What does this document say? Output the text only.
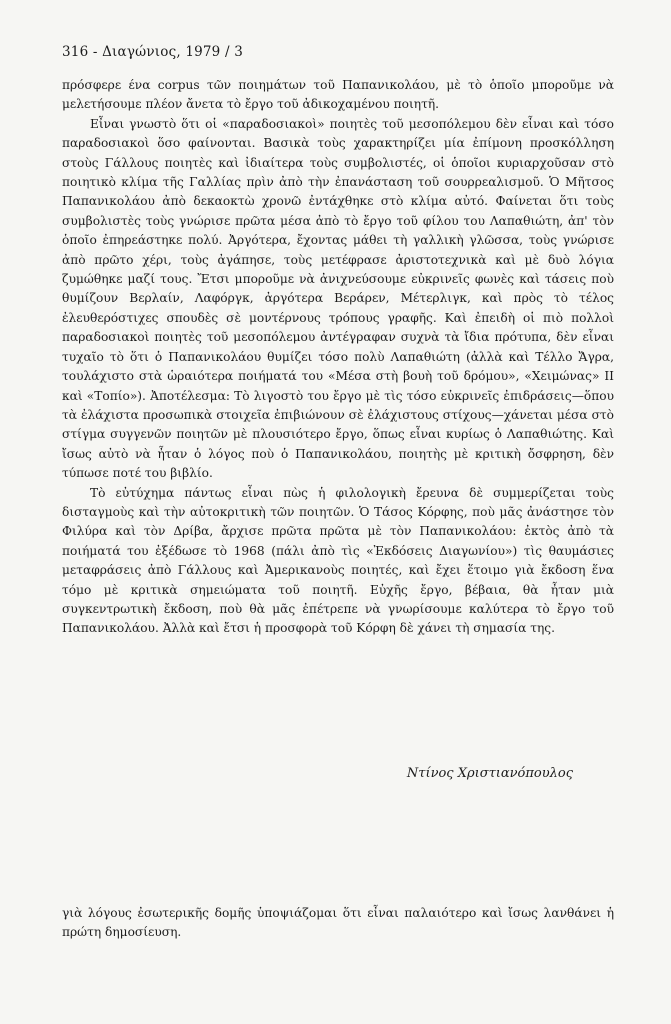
316 - Διαγώνιος, 1979 / 3

πρόσφερε ένα corpus τῶν ποιημάτων τοῦ Παπανικολάου, μὲ τὸ ὁποῖο μποροῦμε νὰ μελετήσουμε πλέον ἄνετα τὸ ἔργο τοῦ ἀδικοχαμένου ποιητῆ.

Εἶναι γνωστὸ ὅτι οἱ «παραδοσιακοὶ» ποιητὲς τοῦ μεσοπόλεμου δὲν εἶναι καὶ τόσο παραδοσιακοὶ ὅσο φαίνονται. Βασικὰ τοὺς χαρακτηρίζει μία ἐπίμονη προσκόλληση στοὺς Γάλλους ποιητὲς καὶ ἰδιαίτερα τοὺς συμβολιστές, οἱ ὁποῖοι κυριαρχοῦσαν στὸ ποιητικὸ κλίμα τῆς Γαλλίας πρὶν ἀπὸ τὴν ἐπανάσταση τοῦ σουρρεαλισμοῦ. Ὁ Μῆτσος Παπανικολάου ἀπὸ δεκαοκτὼ χρονῶ ἐντάχθηκε στὸ κλίμα αὐτό. Φαίνεται ὅτι τοὺς συμβολιστὲς τοὺς γνώρισε πρῶτα μέσα ἀπὸ τὸ ἔργο τοῦ φίλου του Λαπαθιώτη, ἀπ' τὸν ὁποῖο ἐπηρεάστηκε πολύ. Ἀργότερα, ἔχοντας μάθει τὴ γαλλικὴ γλῶσσα, τοὺς γνώρισε ἀπὸ πρῶτο χέρι, τοὺς ἀγάπησε, τοὺς μετέφρασε ἀριστοτεχνικὰ καὶ μὲ δυὸ λόγια ζυμώθηκε μαζί τους. Ἔτσι μποροῦμε νὰ ἀνιχνεύσουμε εὐκρινεῖς φωνὲς καὶ τάσεις ποὺ θυμίζουν Βερλαίν, Λαφόργκ, ἀργότερα Βεράρεν, Μέτερλιγκ, καὶ πρὸς τὸ τέλος ἐλευθερόστιχες σπουδὲς σὲ μοντέρνους τρόπους γραφῆς. Καὶ ἐπειδὴ οἱ πιὸ πολλοὶ παραδοσιακοὶ ποιητὲς τοῦ μεσοπόλεμου ἀντέγραφαν συχνὰ τὰ ἴδια πρότυπα, δὲν εἶναι τυχαῖο τὸ ὅτι ὁ Παπανικολάου θυμίζει τόσο πολὺ Λαπαθιώτη (ἀλλὰ καὶ Τέλλο Ἄγρα, τουλάχιστο στὰ ὡραιότερα ποιήματά του «Μέσα στὴ βουὴ τοῦ δρόμου», «Χειμώνας» ΙΙ καὶ «Τοπίο»). Ἀποτέλεσμα: Τὸ λιγοστὸ του ἔργο μὲ τὶς τόσο εὐκρινεῖς ἐπιδράσεις—ὅπου τὰ ἐλάχιστα προσωπικὰ στοιχεῖα ἐπιβιώνουν σὲ ἐλάχιστους στίχους—χάνεται μέσα στὸ στίγμα συγγενῶν ποιητῶν μὲ πλουσιότερο ἔργο, ὅπως εἶναι κυρίως ὁ Λαπαθιώτης. Καὶ ἴσως αὐτὸ νὰ ἦταν ὁ λόγος ποὺ ὁ Παπανικολάου, ποιητὴς μὲ κριτικὴ ὄσφρηση, δὲν τύπωσε ποτέ του βιβλίο.

Τὸ εὐτύχημα πάντως εἶναι πὼς ἡ φιλολογικὴ ἔρευνα δὲ συμμερίζεται τοὺς δισταγμοὺς καὶ τὴν αὐτοκριτικὴ τῶν ποιητῶν. Ὁ Τάσος Κόρφης, ποὺ μᾶς ἀνάστησε τὸν Φιλύρα καὶ τὸν Δρίβα, ἄρχισε πρῶτα πρῶτα μὲ τὸν Παπανικολάου: ἐκτὸς ἀπὸ τὰ ποιήματά του ἐξέδωσε τὸ 1968 (πάλι ἀπὸ τὶς «Ἐκδόσεις Διαγωνίου») τὶς θαυμάσιες μεταφράσεις ἀπὸ Γάλλους καὶ Ἀμερικανοὺς ποιητές, καὶ ἔχει ἕτοιμο γιὰ ἔκδοση ἕνα τόμο μὲ κριτικὰ σημειώματα τοῦ ποιητῆ. Εὐχῆς ἔργο, βέβαια, θὰ ἦταν μιὰ συγκεντρωτικὴ ἔκδοση, ποὺ θὰ μᾶς ἐπέτρεπε νὰ γνωρίσουμε καλύτερα τὸ ἔργο τοῦ Παπανικολάου. Ἀλλὰ καὶ ἔτσι ἡ προσφορὰ τοῦ Κόρφη δὲ χάνει τὴ σημασία της.

Ντίνος Χριστιανόπουλος
γιὰ λόγους ἐσωτερικῆς δομῆς ὑποψιάζομαι ὅτι εἶναι παλαιότερο καὶ ἴσως λανθάνει ἡ πρώτη δημοσίευση.
